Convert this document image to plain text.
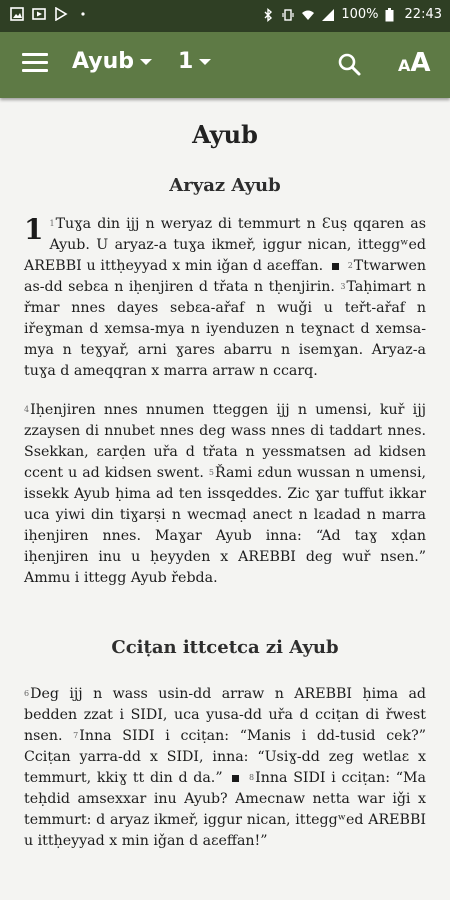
100% 22:43
Ayub 1	AA
Ayub
Aryaz Ayub

1 $^1$Tuɣa din ijj n weryaz di temmurt n Ɛuṣ qqaren as Ayub. U aryaz-a tuɣa ikmeř, iggur nican, itteggʷed AREBBI u ittḥeyyad x min iǧan d aɛeffan.	$^2$Ttwarwen as-dd sebɛa n iḥenjiren d třata n tḥenjirin. $^3$Taḥimart n řmar nnes dayes sebɛa-ařaf n wuǧi u teřt-ařaf n iřeɣman d xemsa-mya n iyenduzen n teɣnact d xemsa-mya n teɣyař, arni ɣares abarru n isemɣan. Aryaz-a tuɣa d ameqqran x marra arraw n ccarq.

$^4$Iḥenjiren nnes nnumen tteggen ijj n umensi, kuř ijj zzaysen di nnubet nnes deg wass nnes di taddart nnes. Ssekkan, ɛarḍen uřa d třata n yessmatsen ad kidsen ccent u ad kidsen swent. $^5$Řami ɛdun wussan n umensi, issekk Ayub ḥima ad ten issqeddes. Zic ɣar tuffut ikkar uca yiwi din tiɣarṣi n wecmaḍ anect n lɛadad n marra iḥenjiren nnes. Maɣar Ayub inna: “Ad taɣ xḍan iḥenjiren inu u ḥeyyden x AREBBI deg wuř nsen.” Ammu i ittegg Ayub řebda.

Cciṭan ittcetca zi Ayub

$^6$Deg ijj n wass usin-dd arraw n AREBBI ḥima ad bedden zzat i SIDI, uca yusa-dd uřa d cciṭan di řwest nsen. $^7$Inna SIDI i cciṭan: “Manis i dd-tusid cek?” Cciṭan yarra-dd x SIDI, inna: “Usiɣ-dd zeg wetlaɛ x temmurt, kkiɣ tt din d da.”	$^8$Inna SIDI i cciṭan: “Ma teḥdid amsexxar inu Ayub? Amecnaw netta war iǧi x temmurt: d aryaz ikmeř, iggur nican, itteggʷed AREBBI u ittḥeyyad x min iǧan d aɛeffan!”
